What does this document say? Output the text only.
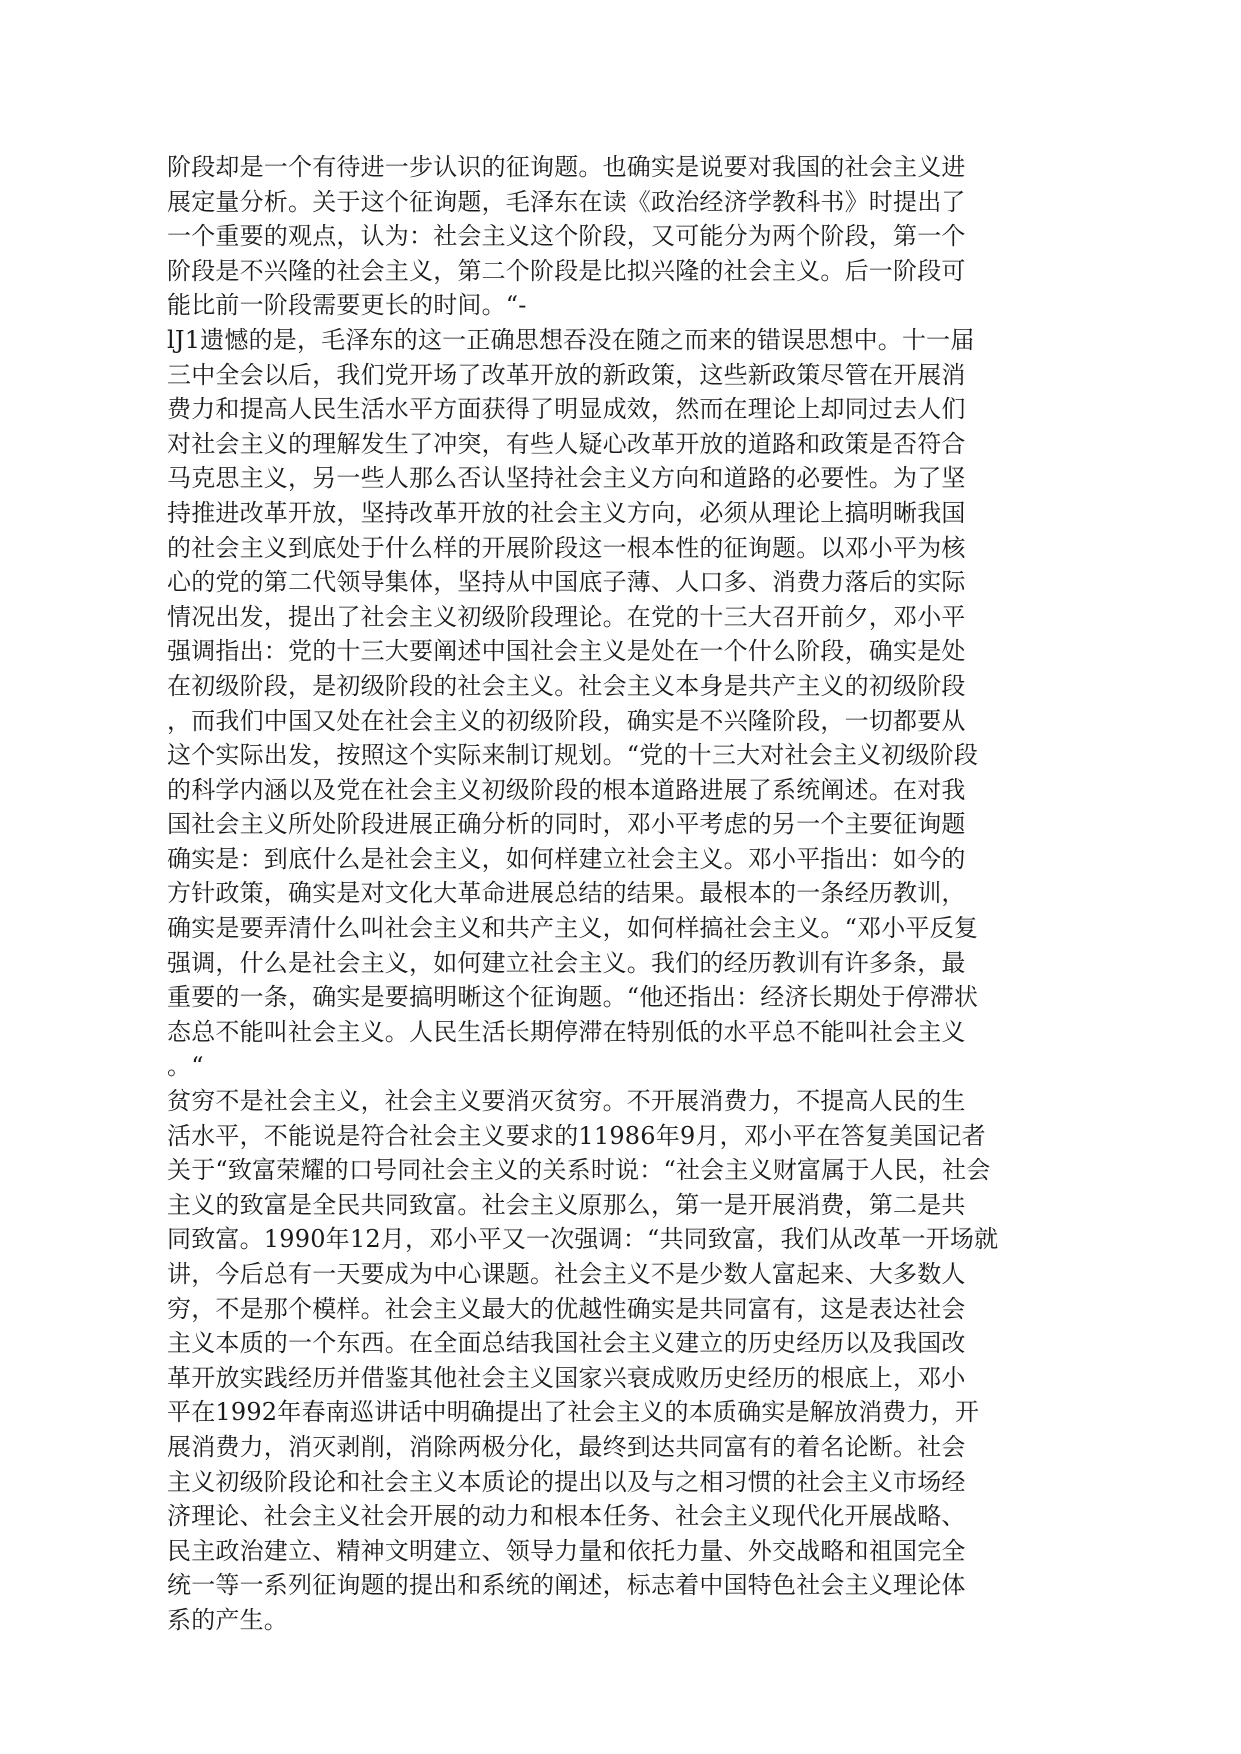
阶段却是一个有待进一步认识的征询题。也确实是说要对我国的社会主义进
展定量分析。关于这个征询题，毛泽东在读《政治经济学教科书》时提出了
一个重要的观点，认为：社会主义这个阶段，又可能分为两个阶段，第一个
阶段是不兴隆的社会主义，第二个阶段是比拟兴隆的社会主义。后一阶段可
能比前一阶段需要更长的时间。“-
lJ1遗憾的是，毛泽东的这一正确思想吞没在随之而来的错误思想中。十一届
三中全会以后，我们党开场了改革开放的新政策，这些新政策尽管在开展消
费力和提高人民生活水平方面获得了明显成效，然而在理论上却同过去人们
对社会主义的理解发生了冲突，有些人疑心改革开放的道路和政策是否符合
马克思主义，另一些人那么否认坚持社会主义方向和道路的必要性。为了坚
持推进改革开放，坚持改革开放的社会主义方向，必须从理论上搞明晰我国
的社会主义到底处于什么样的开展阶段这一根本性的征询题。以邓小平为核
心的党的第二代领导集体，坚持从中国底子薄、人口多、消费力落后的实际
情况出发，提出了社会主义初级阶段理论。在党的十三大召开前夕，邓小平
强调指出：党的十三大要阐述中国社会主义是处在一个什么阶段，确实是处
在初级阶段，是初级阶段的社会主义。社会主义本身是共产主义的初级阶段
，而我们中国又处在社会主义的初级阶段，确实是不兴隆阶段，一切都要从
这个实际出发，按照这个实际来制订规划。“党的十三大对社会主义初级阶段
的科学内涵以及党在社会主义初级阶段的根本道路进展了系统阐述。在对我
国社会主义所处阶段进展正确分析的同时，邓小平考虑的另一个主要征询题
确实是：到底什么是社会主义，如何样建立社会主义。邓小平指出：如今的
方针政策，确实是对文化大革命进展总结的结果。最根本的一条经历教训，
确实是要弄清什么叫社会主义和共产主义，如何样搞社会主义。“邓小平反复
强调，什么是社会主义，如何建立社会主义。我们的经历教训有许多条，最
重要的一条，确实是要搞明晰这个征询题。“他还指出：经济长期处于停滞状
态总不能叫社会主义。人民生活长期停滞在特别低的水平总不能叫社会主义
。“
贫穷不是社会主义，社会主义要消灭贫穷。不开展消费力，不提高人民的生
活水平，不能说是符合社会主义要求的11986年9月，邓小平在答复美国记者
关于“致富荣耀的口号同社会主义的关系时说：“社会主义财富属于人民，社会
主义的致富是全民共同致富。社会主义原那么，第一是开展消费，第二是共
同致富。1990年12月，邓小平又一次强调：“共同致富，我们从改革一开场就
讲，今后总有一天要成为中心课题。社会主义不是少数人富起来、大多数人
穷，不是那个模样。社会主义最大的优越性确实是共同富有，这是表达社会
主义本质的一个东西。在全面总结我国社会主义建立的历史经历以及我国改
革开放实践经历并借鉴其他社会主义国家兴衰成败历史经历的根底上，邓小
平在1992年春南巡讲话中明确提出了社会主义的本质确实是解放消费力，开
展消费力，消灭剥削，消除两极分化，最终到达共同富有的着名论断。社会
主义初级阶段论和社会主义本质论的提出以及与之相习惯的社会主义市场经
济理论、社会主义社会开展的动力和根本任务、社会主义现代化开展战略、
民主政治建立、精神文明建立、领导力量和依托力量、外交战略和祖国完全
统一等一系列征询题的提出和系统的阐述，标志着中国特色社会主义理论体
系的产生。
